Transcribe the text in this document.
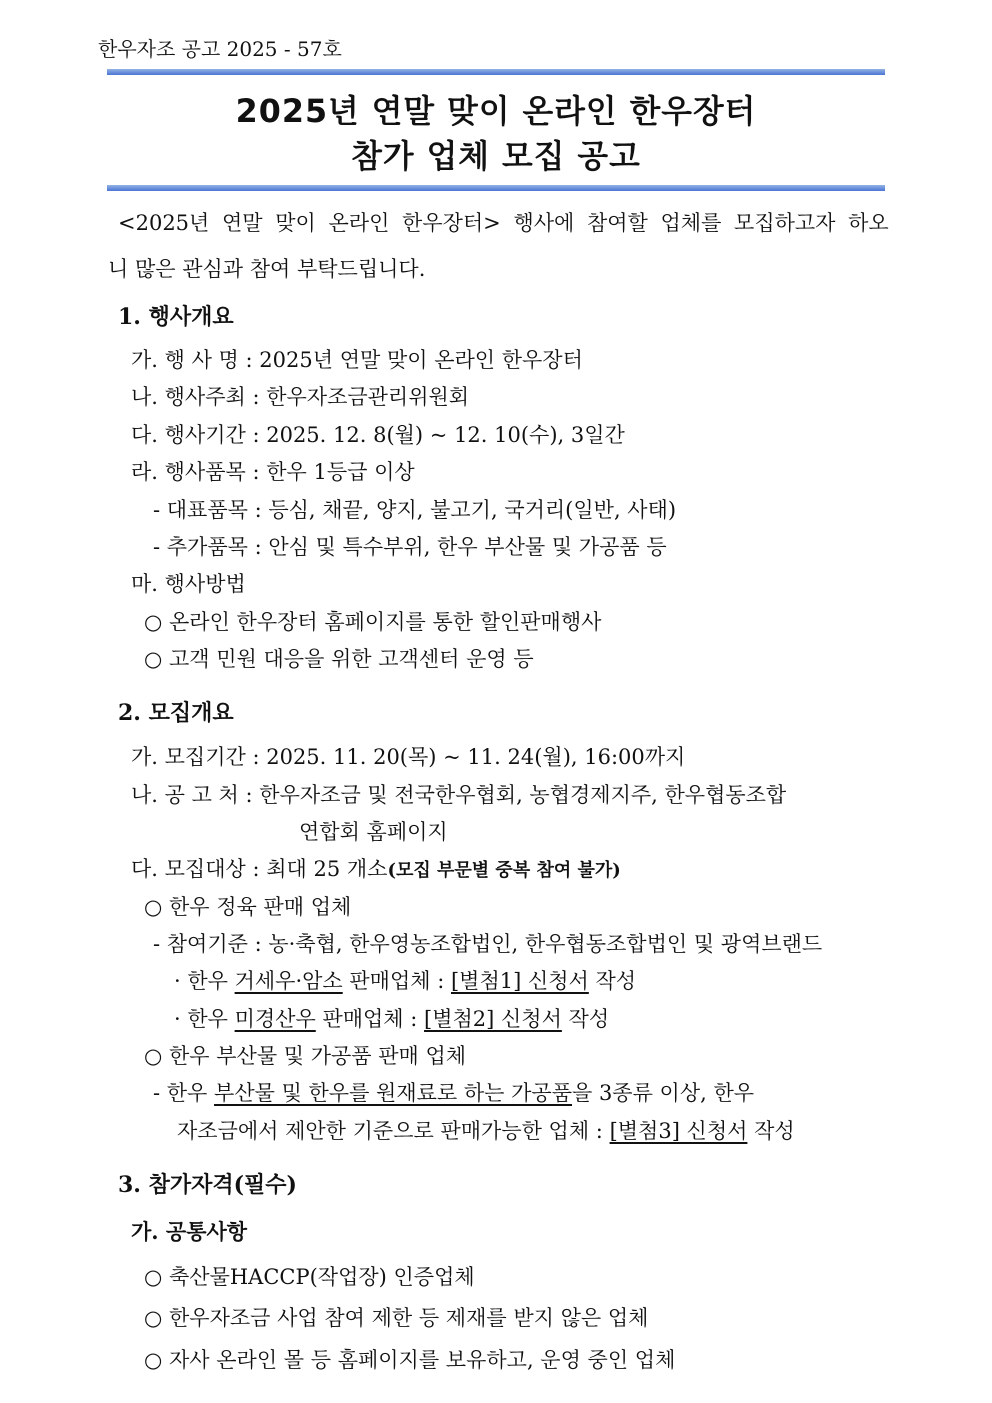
한우자조 공고 2025 - 57호
2025년 연말 맞이 온라인 한우장터
참가 업체 모집 공고
<2025년 연말 맞이 온라인 한우장터> 행사에 참여할 업체를 모집하고자 하오
니 많은 관심과 참여 부탁드립니다.
1. 행사개요
가. 행 사 명 : 2025년 연말 맞이 온라인 한우장터
나. 행사주최 : 한우자조금관리위원회
다. 행사기간 : 2025. 12. 8(월) ~ 12. 10(수), 3일간
라. 행사품목 : 한우 1등급 이상
- 대표품목 : 등심, 채끝, 양지, 불고기, 국거리(일반, 사태)
- 추가품목 : 안심 및 특수부위, 한우 부산물 및 가공품 등
마. 행사방법
○ 온라인 한우장터 홈페이지를 통한 할인판매행사
○ 고객 민원 대응을 위한 고객센터 운영 등
2. 모집개요
가. 모집기간 : 2025. 11. 20(목) ~ 11. 24(월), 16:00까지
나. 공 고 처 : 한우자조금 및 전국한우협회, 농협경제지주, 한우협동조합
연합회 홈페이지
다. 모집대상 : 최대 25 개소(모집 부문별 중복 참여 불가)
○ 한우 정육 판매 업체
- 참여기준 : 농·축협, 한우영농조합법인, 한우협동조합법인 및 광역브랜드
· 한우 거세우·암소 판매업체 : [별첨1] 신청서 작성
· 한우 미경산우 판매업체 : [별첨2] 신청서 작성
○ 한우 부산물 및 가공품 판매 업체
- 한우 부산물 및 한우를 원재료로 하는 가공품을 3종류 이상, 한우
자조금에서 제안한 기준으로 판매가능한 업체 : [별첨3] 신청서 작성
3. 참가자격(필수)
가. 공통사항
○ 축산물HACCP(작업장) 인증업체
○ 한우자조금 사업 참여 제한 등 제재를 받지 않은 업체
○ 자사 온라인 몰 등 홈페이지를 보유하고, 운영 중인 업체
